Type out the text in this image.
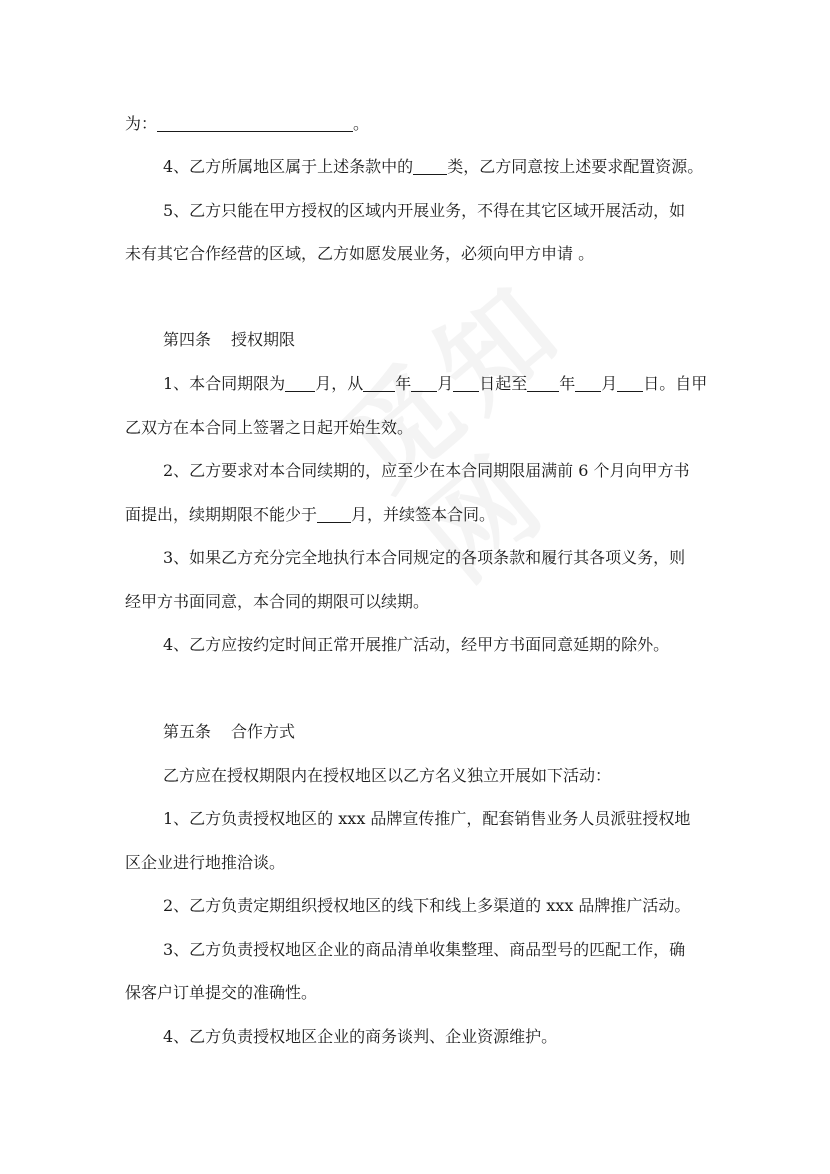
为：	。

4、乙方所属地区属于上述条款中的 类，乙方同意按上述要求配置资源。

5、乙方只能在甲方授权的区域内开展业务，不得在其它区域开展活动，如

未有其它合作经营的区域，乙方如愿发展业务，必须向甲方申请 。

第四条 授权期限

1、本合同期限为 月，从 年 月 日起至 年 月 日。自甲

乙双方在本合同上签署之日起开始生效。

2、乙方要求对本合同续期的，应至少在本合同期限届满前 6 个月向甲方书

面提出，续期期限不能少于 月，并续签本合同。

3、如果乙方充分完全地执行本合同规定的各项条款和履行其各项义务，则

经甲方书面同意，本合同的期限可以续期。

4、乙方应按约定时间正常开展推广活动，经甲方书面同意延期的除外。

第五条 合作方式

乙方应在授权期限内在授权地区以乙方名义独立开展如下活动：

1、乙方负责授权地区的 xxx 品牌宣传推广，配套销售业务人员派驻授权地

区企业进行地推洽谈。

2、乙方负责定期组织授权地区的线下和线上多渠道的 xxx 品牌推广活动。

3、乙方负责授权地区企业的商品清单收集整理、商品型号的匹配工作，确

保客户订单提交的准确性。

4、乙方负责授权地区企业的商务谈判、企业资源维护。
